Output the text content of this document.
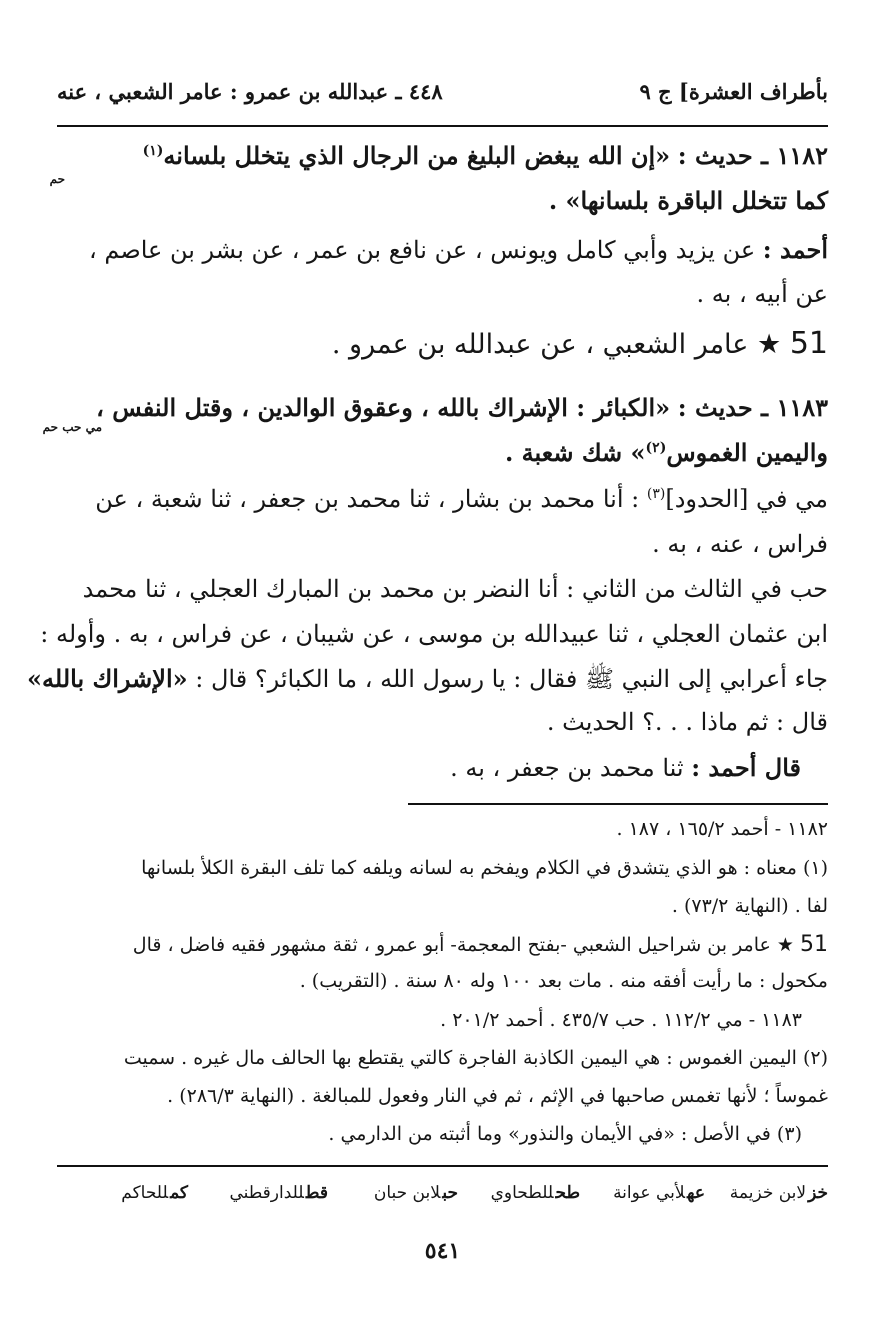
بأطراف العشرة] ج ٩
٤٤٨ ـ عبدالله بن عمرو : عامر الشعبي ، عنه
١١٨٢ ـ حديث : «إن الله يبغض البليغ من الرجال الذي يتخلل بلسانه$^{(١)}$
حم
كما تتخلل الباقرة بلسانها» .
أحمد : عن يزيد وأبي كامل ويونس ، عن نافع بن عمر ، عن بشر بن عاصم ،
عن أبيه ، به .
51 ★ عامر الشعبي ، عن عبدالله بن عمرو .
١١٨٣ ـ حديث : «الكبائر : الإشراك بالله ، وعقوق الوالدين ، وقتل النفس ،
مي حب حم
واليمين الغموس$^{(٢)}$» شك شعبة .
مي في [الحدود]$^{(٣)}$ : أنا محمد بن بشار ، ثنا محمد بن جعفر ، ثنا شعبة ، عن
فراس ، عنه ، به .
حب في الثالث من الثاني : أنا النضر بن محمد بن المبارك العجلي ، ثنا محمد
ابن عثمان العجلي ، ثنا عبيدالله بن موسى ، عن شيبان ، عن فراس ، به . وأوله :
جاء أعرابي إلى النبي ﷺ فقال : يا رسول الله ، ما الكبائر؟ قال : «الإشراك بالله»
قال : ثم ماذا . . .؟ الحديث .
قال أحمد : ثنا محمد بن جعفر ، به .
١١٨٢ - أحمد ١٦٥/٢ ، ١٨٧ .
(١) معناه : هو الذي يتشدق في الكلام ويفخم به لسانه ويلفه كما تلف البقرة الكلأ بلسانها
لفا . (النهاية ٧٣/٢) .
51 ★ عامر بن شراحيل الشعبي -بفتح المعجمة- أبو عمرو ، ثقة مشهور فقيه فاضل ، قال
مكحول : ما رأيت أفقه منه . مات بعد ١٠٠ وله ٨٠ سنة . (التقريب) .
١١٨٣ - مي ١١٢/٢ . حب ٤٣٥/٧ . أحمد ٢٠١/٢ .
(٢) اليمين الغموس : هي اليمين الكاذبة الفاجرة كالتي يقتطع بها الحالف مال غيره . سميت
غموساً ؛ لأنها تغمس صاحبها في الإثم ، ثم في النار وفعول للمبالغة . (النهاية ٢٨٦/٣) .
(٣) في الأصل : «في الأيمان والنذور» وما أثبته من الدارمي .
خزلابن خزيمة
عهلأبي عوانة
طحللطحاوي
حبلابن حبان
قطللدارقطني
كمللحاكم
٥٤١
